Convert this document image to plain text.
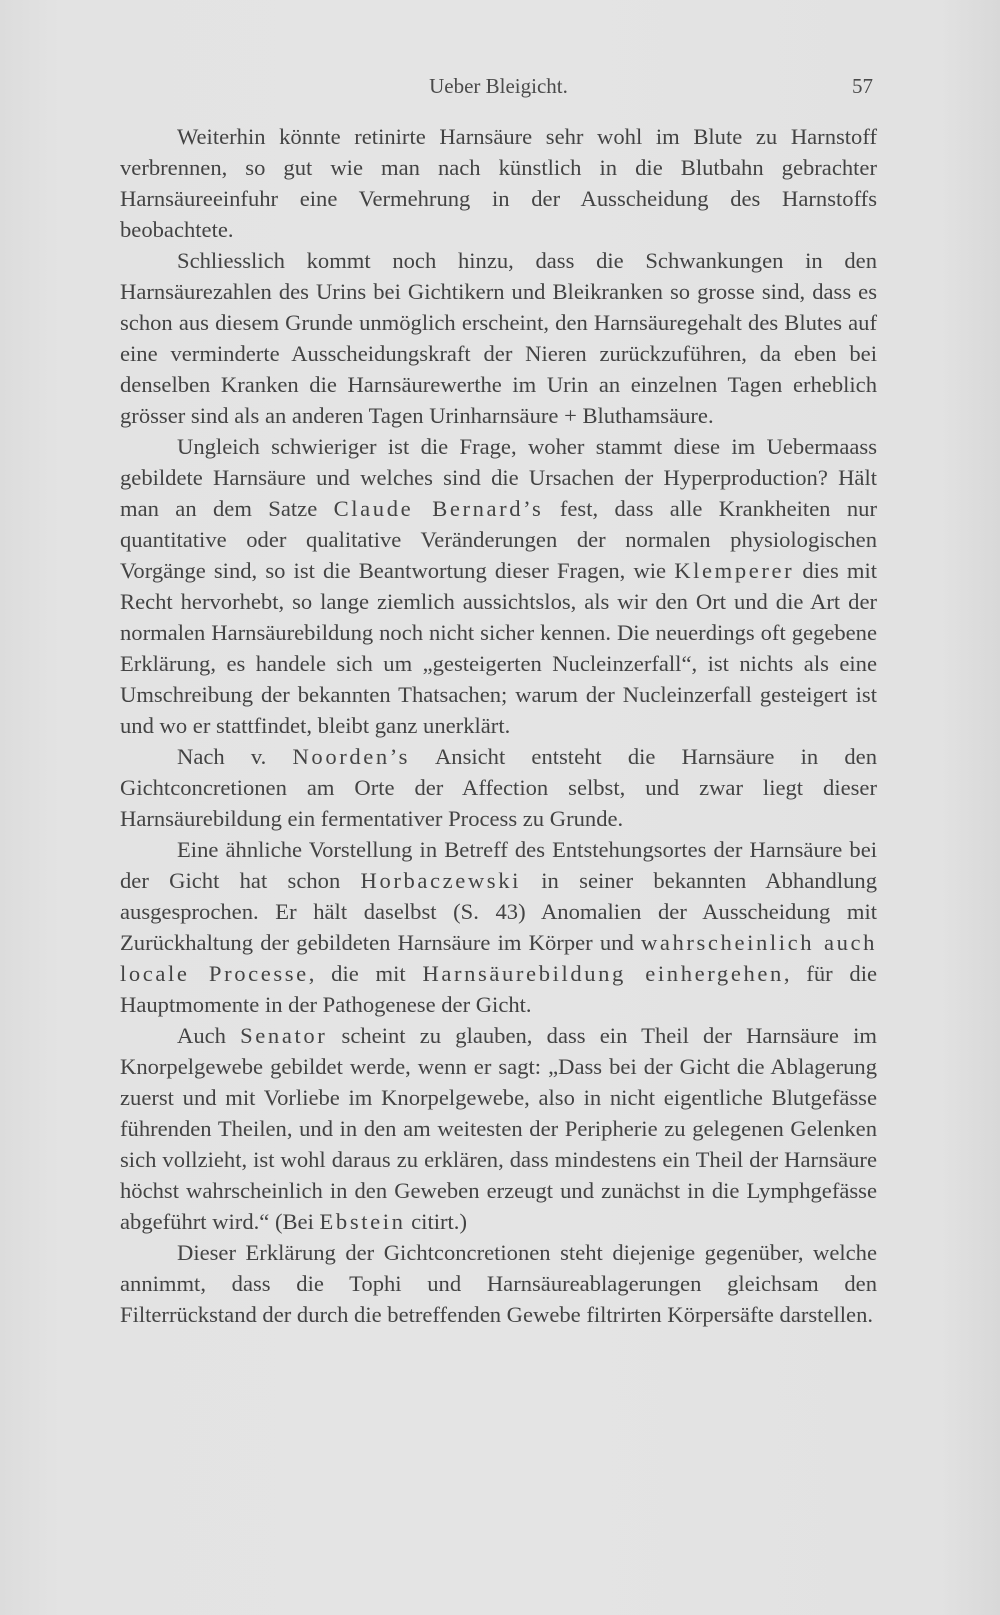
Ueber Bleigicht.	57

Weiterhin könnte retinirte Harnsäure sehr wohl im Blute zu Harnstoff verbrennen, so gut wie man nach künstlich in die Blutbahn gebrachter Harnsäureeinfuhr eine Vermehrung in der Ausscheidung des Harnstoffs beobachtete.

Schliesslich kommt noch hinzu, dass die Schwankungen in den Harnsäurezahlen des Urins bei Gichtikern und Bleikranken so grosse sind, dass es schon aus diesem Grunde unmöglich erscheint, den Harnsäuregehalt des Blutes auf eine verminderte Ausscheidungskraft der Nieren zurückzuführen, da eben bei denselben Kranken die Harnsäurewerthe im Urin an einzelnen Tagen erheblich grösser sind als an anderen Tagen Urinharnsäure + Bluthamsäure.

Ungleich schwieriger ist die Frage, woher stammt diese im Uebermaass gebildete Harnsäure und welches sind die Ursachen der Hyperproduction? Hält man an dem Satze Claude Bernard’s fest, dass alle Krankheiten nur quantitative oder qualitative Veränderungen der normalen physiologischen Vorgänge sind, so ist die Beantwortung dieser Fragen, wie Klemperer dies mit Recht hervorhebt, so lange ziemlich aussichtslos, als wir den Ort und die Art der normalen Harnsäurebildung noch nicht sicher kennen. Die neuerdings oft gegebene Erklärung, es handele sich um „gesteigerten Nucleinzerfall“, ist nichts als eine Umschreibung der bekannten Thatsachen; warum der Nucleinzerfall gesteigert ist und wo er stattfindet, bleibt ganz unerklärt.

Nach v. Noorden’s Ansicht entsteht die Harnsäure in den Gichtconcretionen am Orte der Affection selbst, und zwar liegt dieser Harnsäurebildung ein fermentativer Process zu Grunde.

Eine ähnliche Vorstellung in Betreff des Entstehungsortes der Harnsäure bei der Gicht hat schon Horbaczewski in seiner bekannten Abhandlung ausgesprochen. Er hält daselbst (S. 43) Anomalien der Ausscheidung mit Zurückhaltung der gebildeten Harnsäure im Körper und wahrscheinlich auch locale Processe, die mit Harnsäurebildung einhergehen, für die Hauptmomente in der Pathogenese der Gicht.

Auch Senator scheint zu glauben, dass ein Theil der Harnsäure im Knorpelgewebe gebildet werde, wenn er sagt: „Dass bei der Gicht die Ablagerung zuerst und mit Vorliebe im Knorpelgewebe, also in nicht eigentliche Blutgefässe führenden Theilen, und in den am weitesten der Peripherie zu gelegenen Gelenken sich vollzieht, ist wohl daraus zu erklären, dass mindestens ein Theil der Harnsäure höchst wahrscheinlich in den Geweben erzeugt und zunächst in die Lymphgefässe abgeführt wird.“ (Bei Ebstein citirt.)

Dieser Erklärung der Gichtconcretionen steht diejenige gegenüber, welche annimmt, dass die Tophi und Harnsäureablagerungen gleichsam den Filterrückstand der durch die betreffenden Gewebe filtrirten Körpersäfte darstellen.
